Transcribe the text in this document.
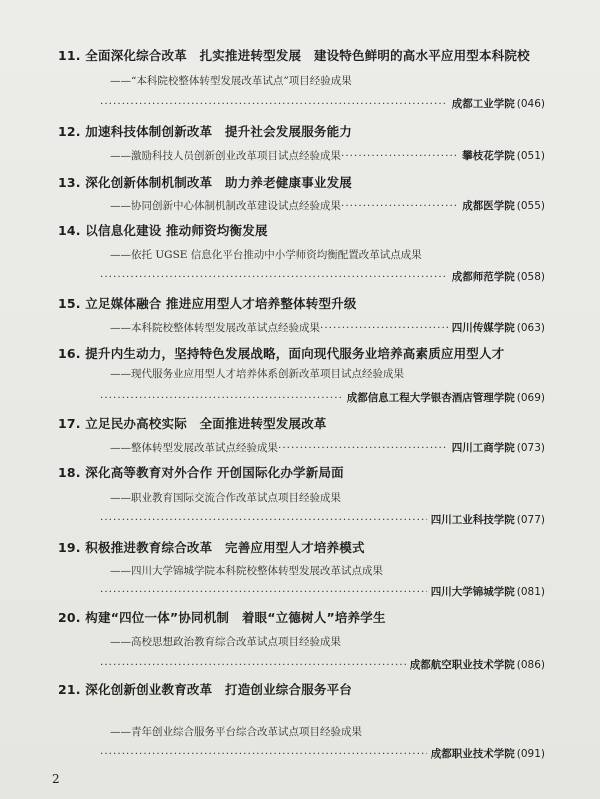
11. 全面深化综合改革　扎实推进转型发展　建设特色鲜明的高水平应用型本科院校
——“本科院校整体转型发展改革试点”项目经验成果
·····
成都工业学院 (046)
12. 加速科技体制创新改革　提升社会发展服务能力
——激励科技人员创新创业改革项目试点经验成果 ·····	攀枝花学院 (051)
13. 深化创新体制机制改革　助力养老健康事业发展
——协同创新中心体制机制改革建设试点经验成果 ·····	成都医学院 (055)
14. 以信息化建设 推动师资均衡发展
——依托 UGSE 信息化平台推动中小学师资均衡配置改革试点成果
·····
成都师范学院 (058)
15. 立足媒体融合 推进应用型人才培养整体转型升级
——本科院校整体转型发展改革试点经验成果 ·····	四川传媒学院 (063)
16. 提升内生动力，坚持特色发展战略，面向现代服务业培养高素质应用型人才
——现代服务业应用型人才培养体系创新改革项目试点经验成果
·····
成都信息工程大学银杏酒店管理学院 (069)
17. 立足民办高校实际　全面推进转型发展改革
——整体转型发展改革试点经验成果 ·····	四川工商学院 (073)
18. 深化高等教育对外合作 开创国际化办学新局面
——职业教育国际交流合作改革试点项目经验成果
·····
四川工业科技学院 (077)
19. 积极推进教育综合改革　完善应用型人才培养模式
——四川大学锦城学院本科院校整体转型发展改革试点成果
·····
四川大学锦城学院 (081)
20. 构建“四位一体”协同机制　着眼“立德树人”培养学生
——高校思想政治教育综合改革试点项目经验成果
·····
成都航空职业技术学院 (086)
21. 深化创新创业教育改革　打造创业综合服务平台
——青年创业综合服务平台综合改革试点项目经验成果
·····
成都职业技术学院 (091)
2
